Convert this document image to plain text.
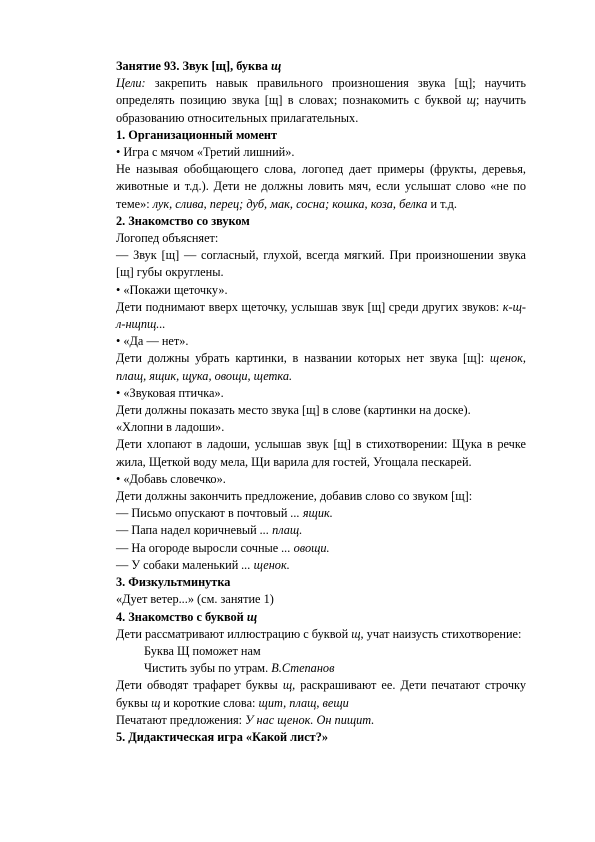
Занятие 93. Звук [щ], буква щ

Цели: закрепить навык правильного произношения звука [щ]; научить определять позицию звука [щ] в словах; познакомить с буквой щ; научить образованию относительных прилагательных.

1. Организационный момент

• Игра с мячом «Третий лишний».

Не называя обобщающего слова, логопед дает примеры (фрукты, деревья, животные и т.д.). Дети не должны ловить мяч, если услышат слово «не по теме»: лук, слива, перец; дуб, мак, сосна; кошка, коза, белка и т.д.

2. Знакомство со звуком

Логопед объясняет:

— Звук [щ] — согласный, глухой, всегда мягкий. При произношении звука [щ] губы округлены.

• «Покажи щеточку».

Дети поднимают вверх щеточку, услышав звук [щ] среди других звуков: к-щ-л-нщпщ...

• «Да — нет».

Дети должны убрать картинки, в названии которых нет звука [щ]: щенок, плащ, ящик, щука, овощи, щетка.

• «Звуковая птичка».

Дети должны показать место звука [щ] в слове (картинки на доске).

«Хлопни в ладоши».

Дети хлопают в ладоши, услышав звук [щ] в стихотворении: Щука в речке жила, Щеткой воду мела, Щи варила для гостей, Угощала пескарей.

• «Добавь словечко».

Дети должны закончить предложение, добавив слово со звуком [щ]:

— Письмо опускают в почтовый ... ящик.

— Папа надел коричневый ... плащ.

— На огороде выросли сочные ... овощи.

— У собаки маленький ... щенок.

3. Физкультминутка

«Дует ветер...» (см. занятие 1)

4. Знакомство с буквой щ

Дети рассматривают иллюстрацию с буквой щ, учат наизусть стихотворение:

Буква Щ поможет нам

Чистить зубы по утрам. В.Степанов

Дети обводят трафарет буквы щ, раскрашивают ее. Дети печатают строчку буквы щ и короткие слова: щит, плащ, вещи

Печатают предложения: У нас щенок. Он пищит.

5. Дидактическая игра «Какой лист?»
